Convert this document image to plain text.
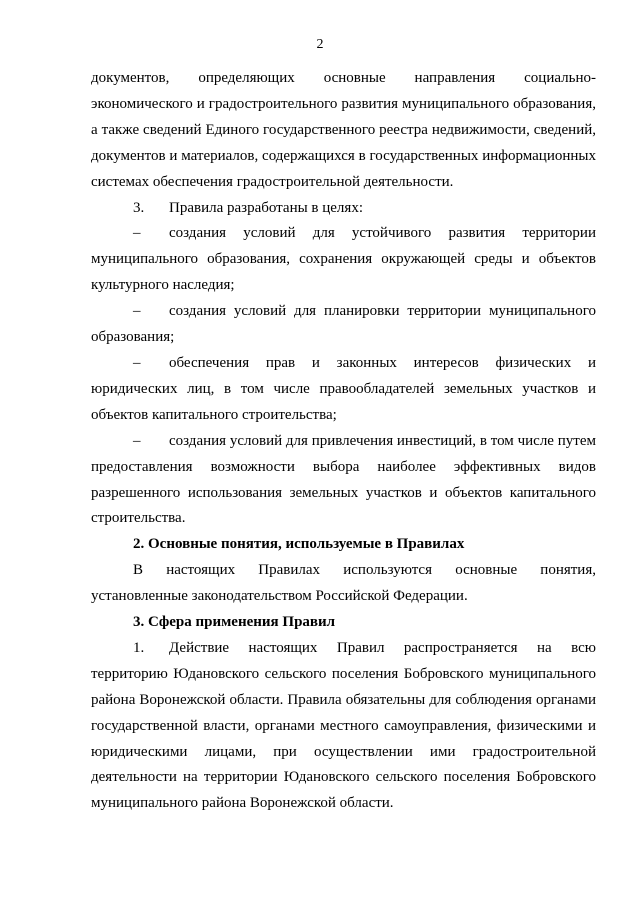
2

документов, определяющих основные направления социально-экономического и градостроительного развития муниципального образования, а также сведений Единого государственного реестра недвижимости, сведений, документов и материалов, содержащихся в государственных информационных системах обеспечения градостроительной деятельности.

3. Правила разработаны в целях:

– создания условий для устойчивого развития территории муниципального образования, сохранения окружающей среды и объектов культурного наследия;

– создания условий для планировки территории муниципального образования;

– обеспечения прав и законных интересов физических и юридических лиц, в том числе правообладателей земельных участков и объектов капитального строительства;

– создания условий для привлечения инвестиций, в том числе путем предоставления возможности выбора наиболее эффективных видов разрешенного использования земельных участков и объектов капитального строительства.

2. Основные понятия, используемые в Правилах

В настоящих Правилах используются основные понятия, установленные законодательством Российской Федерации.

3. Сфера применения Правил

1. Действие настоящих Правил распространяется на всю территорию Юдановского сельского поселения Бобровского муниципального района Воронежской области. Правила обязательны для соблюдения органами государственной власти, органами местного самоуправления, физическими и юридическими лицами, при осуществлении ими градостроительной деятельности на территории Юдановского сельского поселения Бобровского муниципального района Воронежской области.
